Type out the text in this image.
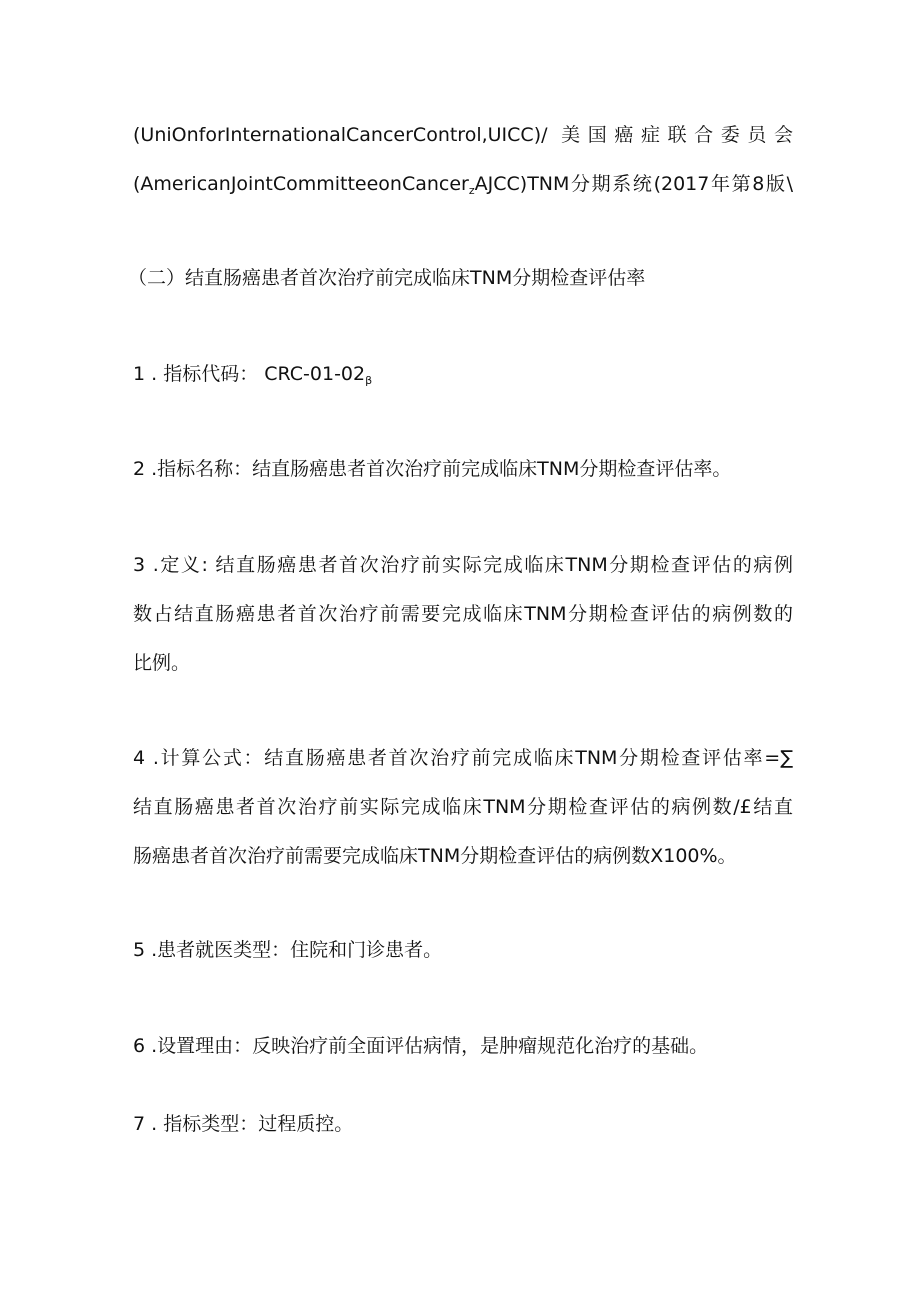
(UniOnforInternationalCancerControl,UICC)/ 美国癌症联合委员会
(AmericanJointCommitteeonCancer$_z$AJCC)TNM分期系统(2017年第8版\
（二）结直肠癌患者首次治疗前完成临床TNM分期检查评估率
1 . 指标代码： CRC-$01-02_\beta$
2 .指标名称：结直肠癌患者首次治疗前完成临床TNM分期检查评估率。
3 .定义: 结直肠癌患者首次治疗前实际完成临床TNM分期检查评估的病例
数占结直肠癌患者首次治疗前需要完成临床TNM分期检查评估的病例数的
比例。
4 .计算公式：结直肠癌患者首次治疗前完成临床TNM分期检查评估率=∑
结直肠癌患者首次治疗前实际完成临床TNM分期检查评估的病例数/£结直
肠癌患者首次治疗前需要完成临床TNM分期检查评估的病例数X100%。
5 .患者就医类型：住院和门诊患者。
6 .设置理由：反映治疗前全面评估病情，是肿瘤规范化治疗的基础。
7 . 指标类型：过程质控。
